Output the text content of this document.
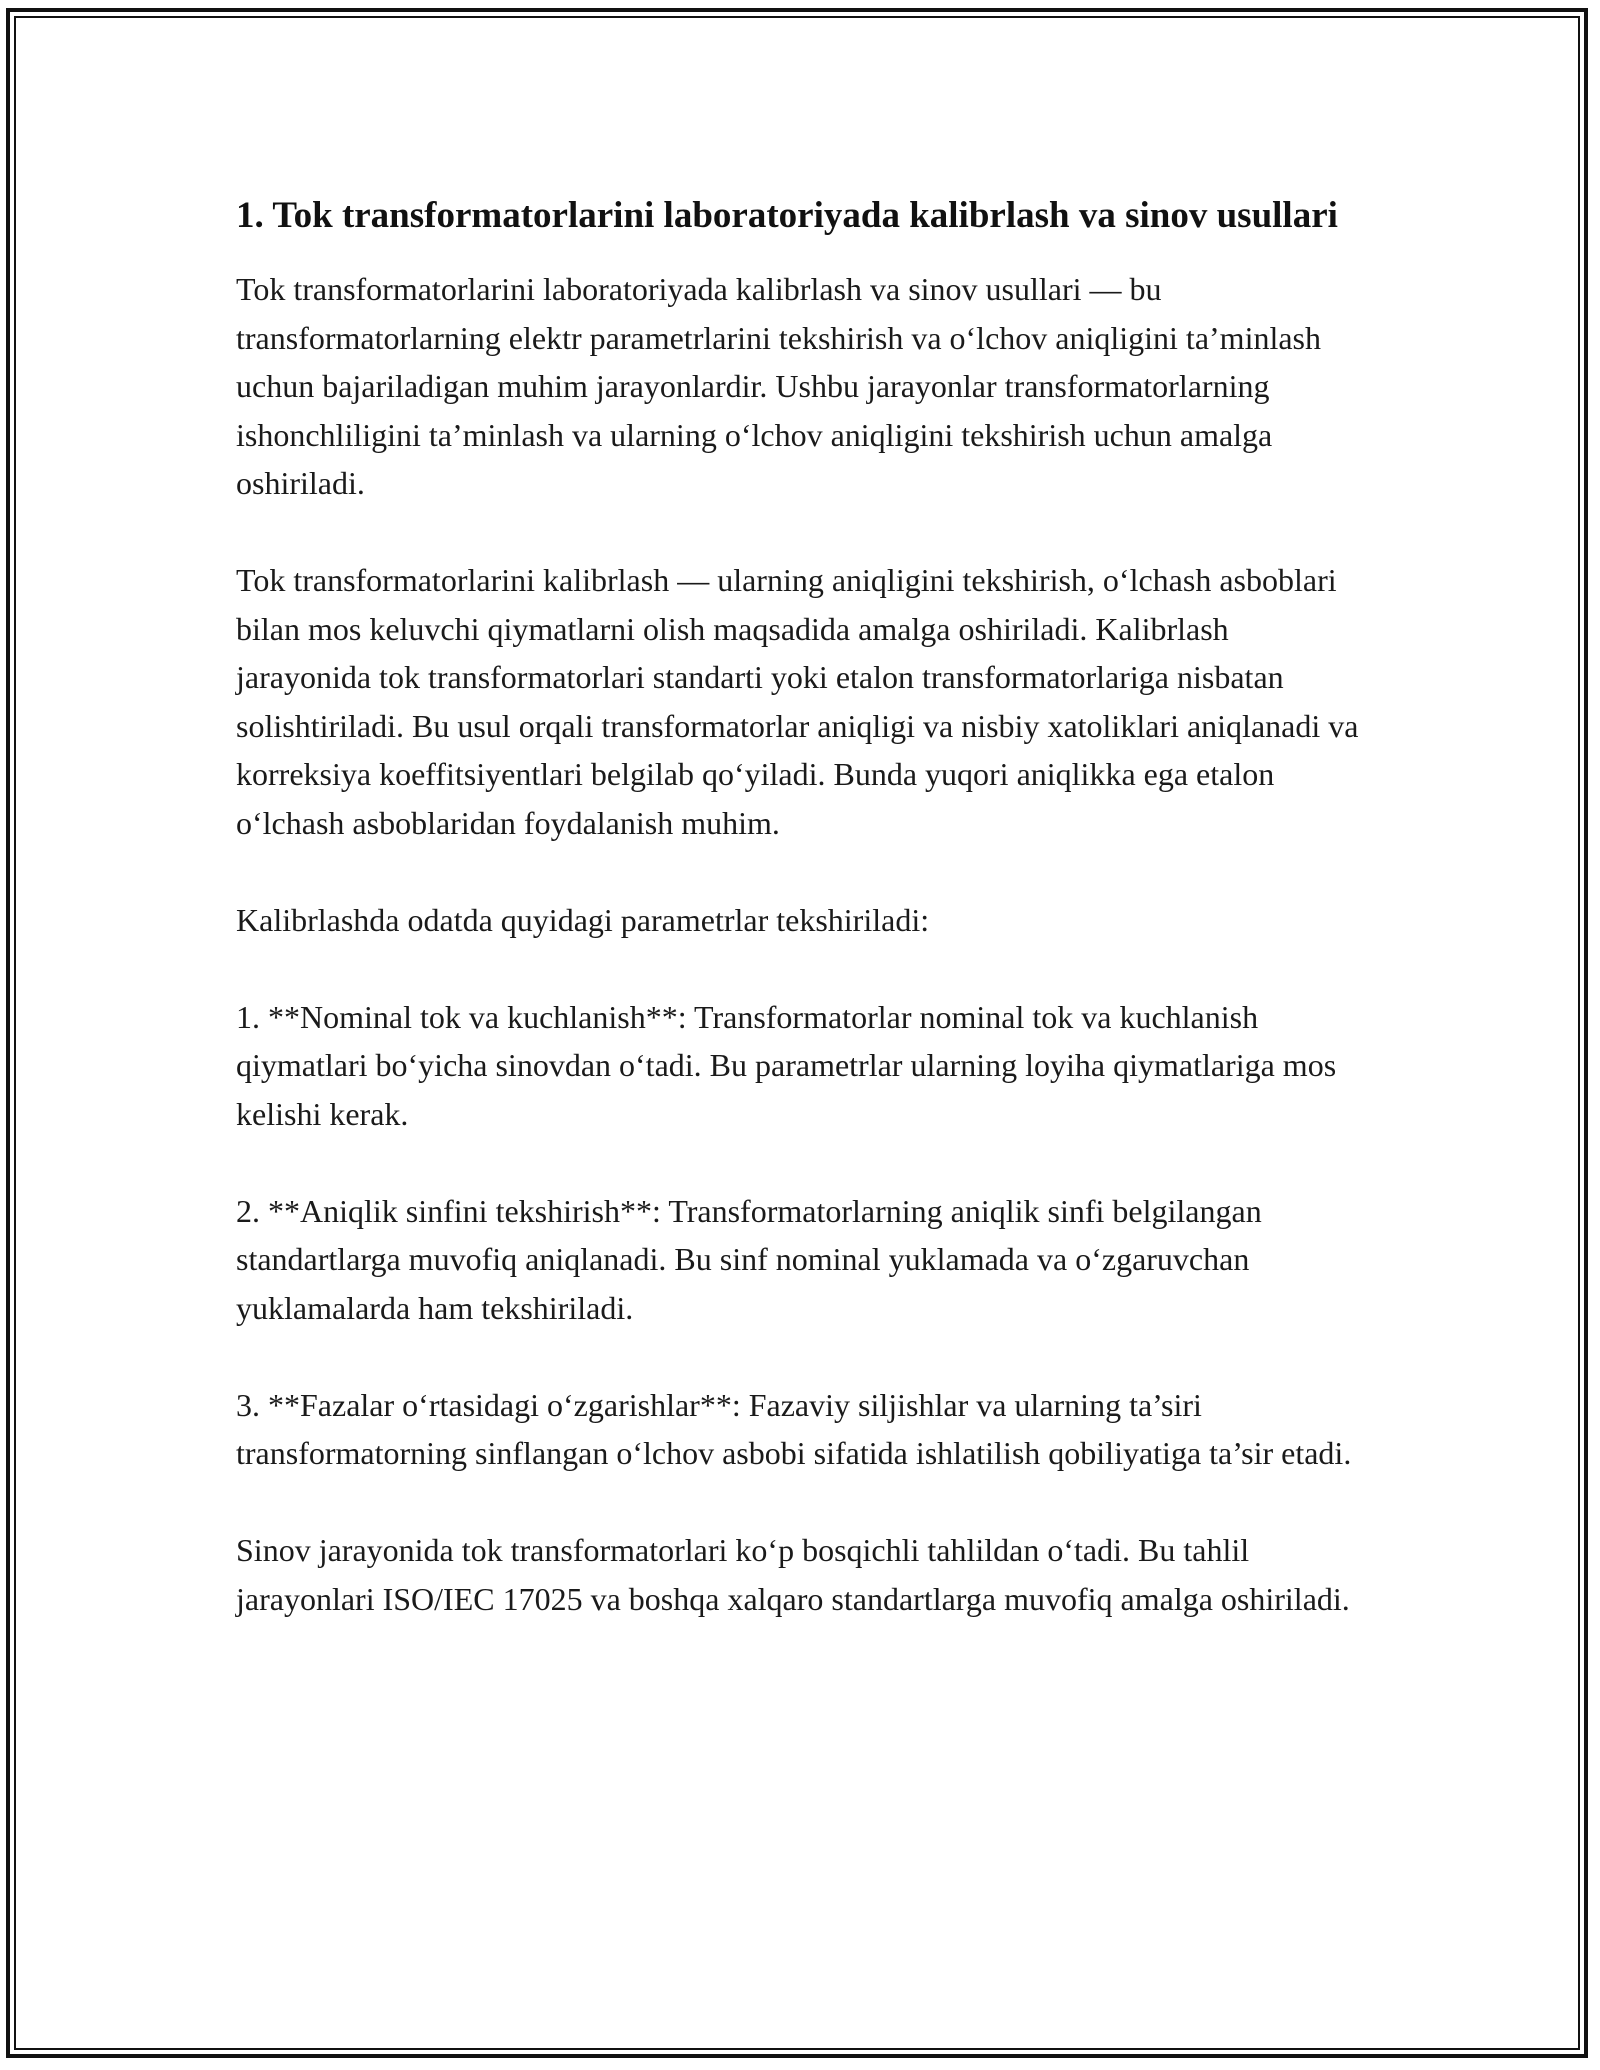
1. Tok transformatorlarini laboratoriyada kalibrlash va sinov usullari

Tok transformatorlarini laboratoriyada kalibrlash va sinov usullari — bu transformatorlarning elektr parametrlarini tekshirish va o‘lchov aniqligini ta’minlash uchun bajariladigan muhim jarayonlardir. Ushbu jarayonlar transformatorlarning ishonchliligini ta’minlash va ularning o‘lchov aniqligini tekshirish uchun amalga oshiriladi.

Tok transformatorlarini kalibrlash — ularning aniqligini tekshirish, o‘lchash asboblari bilan mos keluvchi qiymatlarni olish maqsadida amalga oshiriladi. Kalibrlash jarayonida tok transformatorlari standarti yoki etalon transformatorlariga nisbatan solishtiriladi. Bu usul orqali transformatorlar aniqligi va nisbiy xatoliklari aniqlanadi va korreksiya koeffitsiyentlari belgilab qo‘yiladi. Bunda yuqori aniqlikka ega etalon o‘lchash asboblaridan foydalanish muhim.

Kalibrlashda odatda quyidagi parametrlar tekshiriladi:

1. **Nominal tok va kuchlanish**: Transformatorlar nominal tok va kuchlanish qiymatlari bo‘yicha sinovdan o‘tadi. Bu parametrlar ularning loyiha qiymatlariga mos kelishi kerak.

2. **Aniqlik sinfini tekshirish**: Transformatorlarning aniqlik sinfi belgilangan standartlarga muvofiq aniqlanadi. Bu sinf nominal yuklamada va o‘zgaruvchan yuklamalarda ham tekshiriladi.

3. **Fazalar o‘rtasidagi o‘zgarishlar**: Fazaviy siljishlar va ularning ta’siri transformatorning sinflangan o‘lchov asbobi sifatida ishlatilish qobiliyatiga ta’sir etadi.

Sinov jarayonida tok transformatorlari ko‘p bosqichli tahlildan o‘tadi. Bu tahlil jarayonlari ISO/IEC 17025 va boshqa xalqaro standartlarga muvofiq amalga oshiriladi.
